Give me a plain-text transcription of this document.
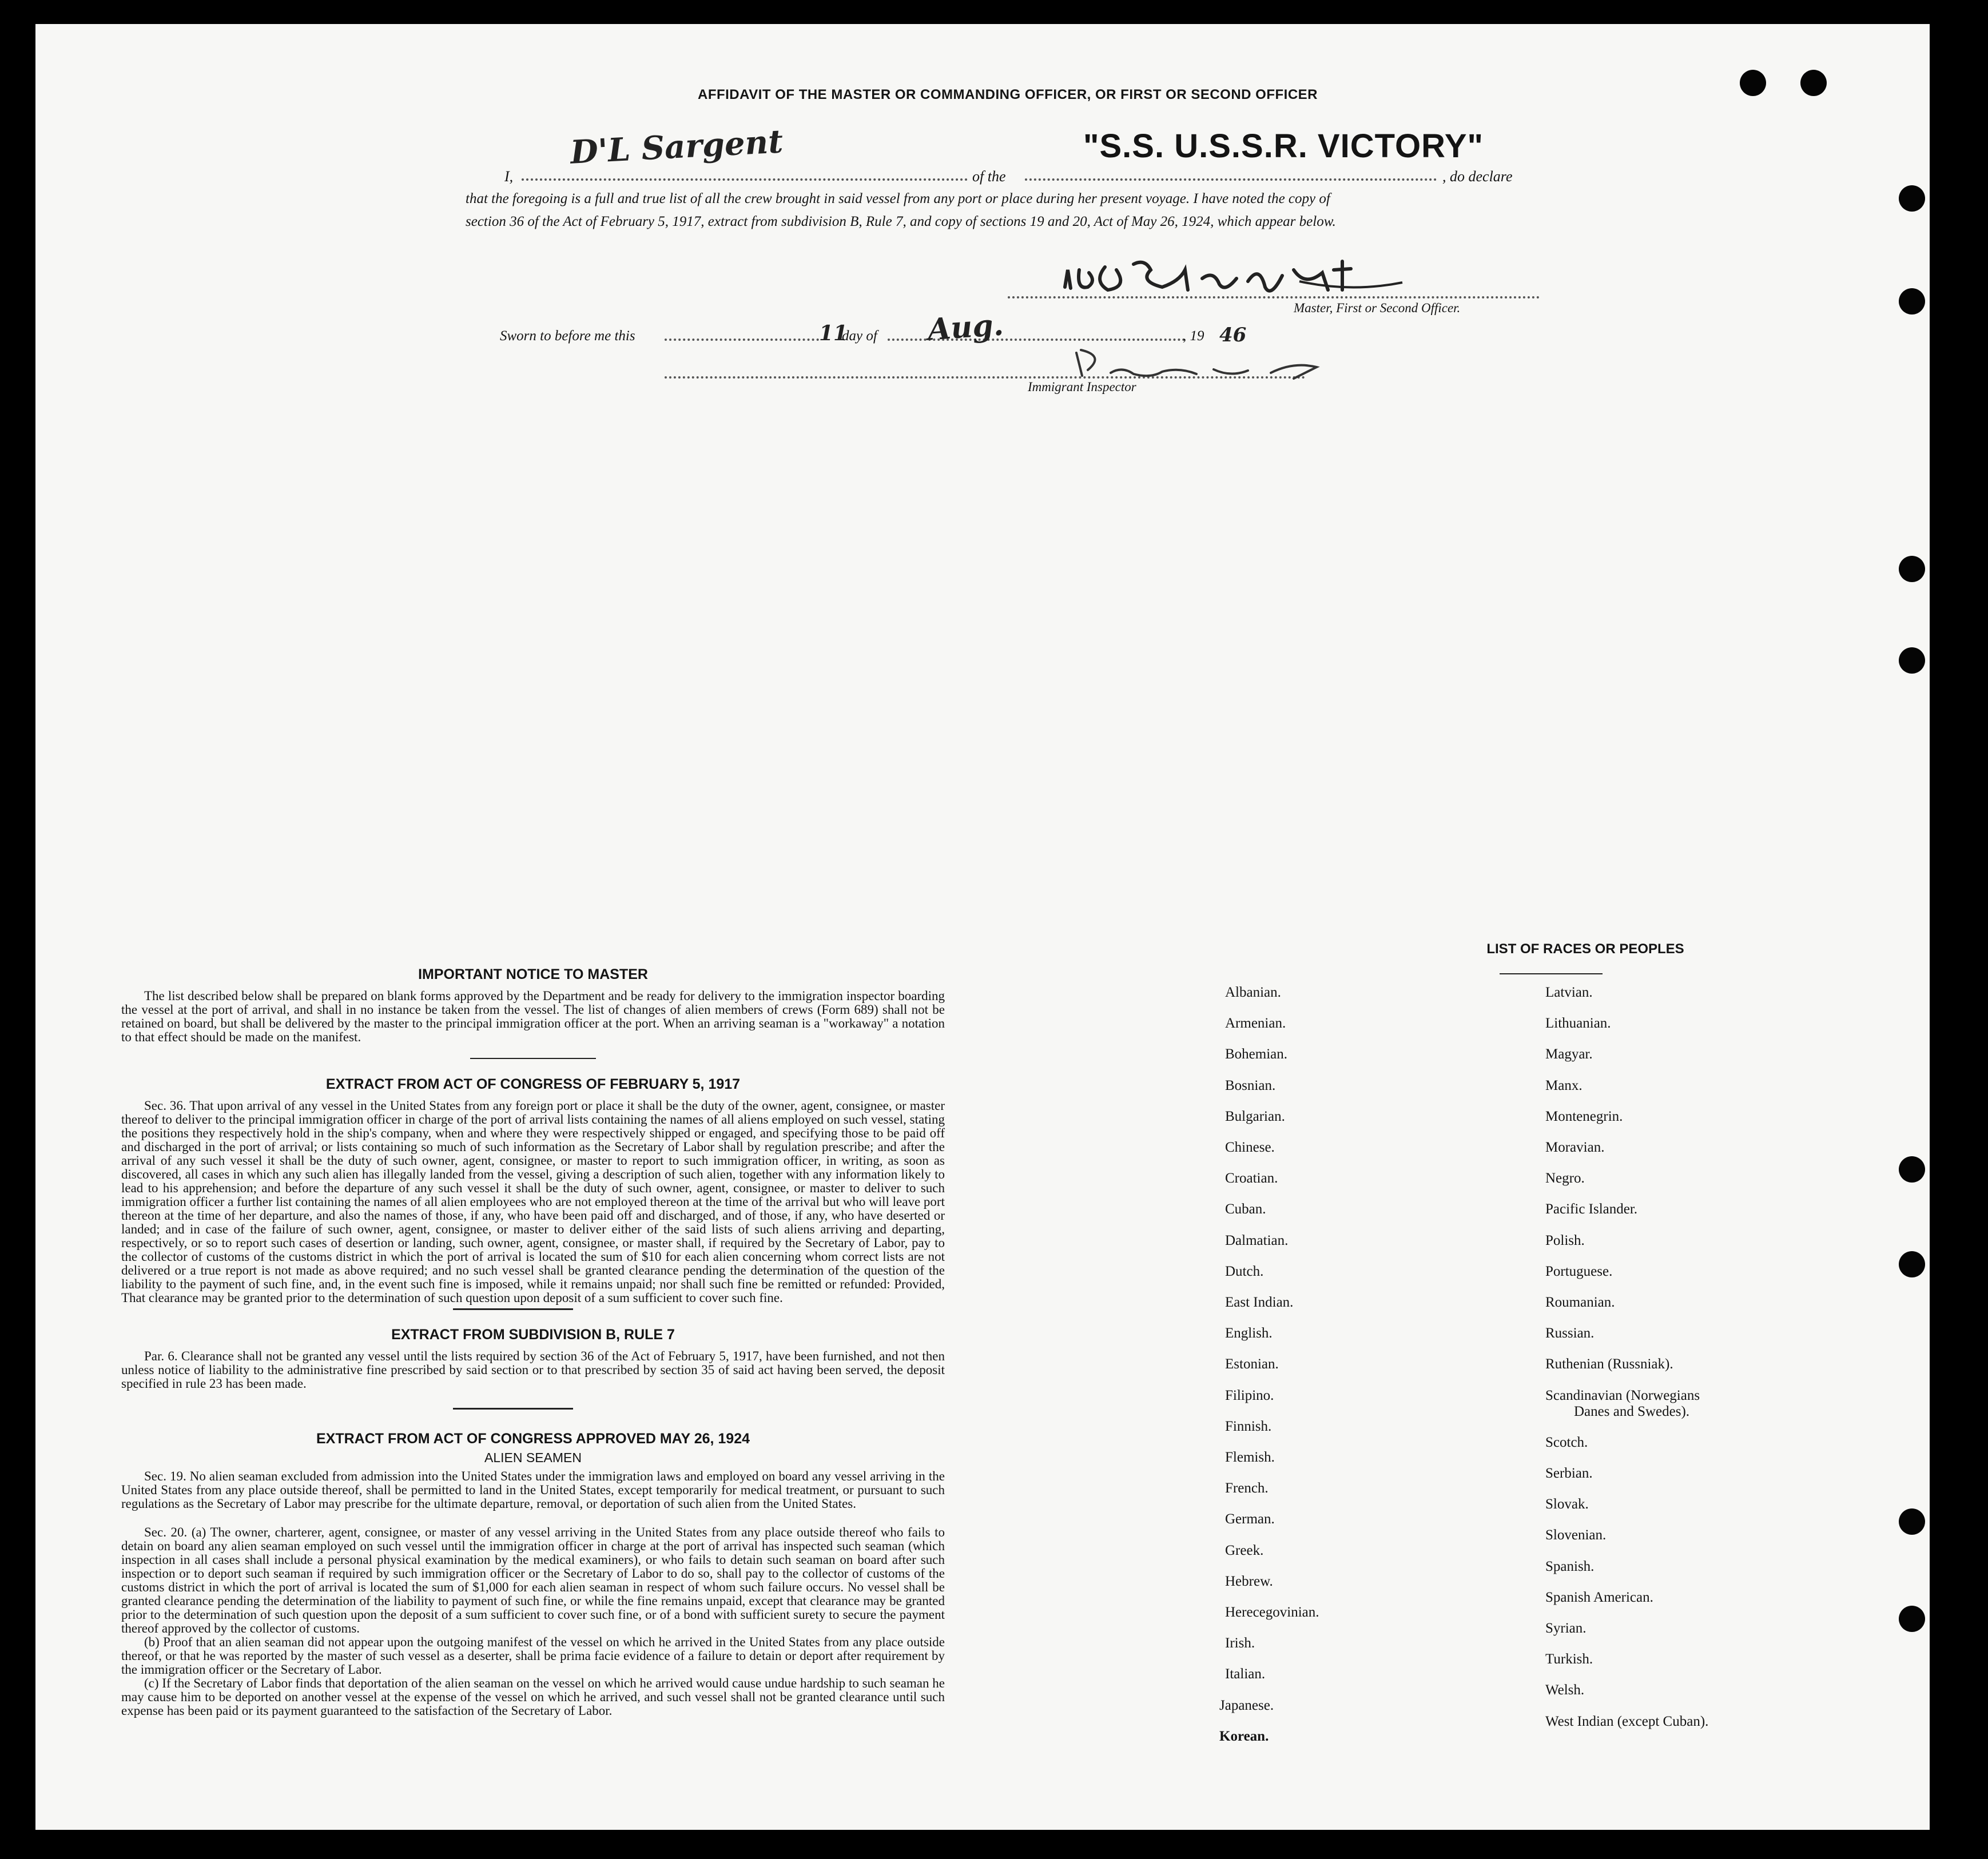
AFFIDAVIT OF THE MASTER OR COMMANDING OFFICER, OR FIRST OR SECOND OFFICER
D'L Sargent	"S.S. U.S.S.R. VICTORY"
I,	of the	, do declare
that the foregoing is a full and true list of all the crew brought in said vessel from any port or place during her present voyage. I have noted the copy of
section 36 of the Act of February 5, 1917, extract from subdivision B, Rule 7, and copy of sections 19 and 20, Act of May 26, 1924, which appear below.
Master, First or Second Officer.
Sworn to before me this	11
day of Aug.	, 19 46
Immigrant Inspector
IMPORTANT NOTICE TO MASTER
The list described below shall be prepared on blank forms approved by the Department and be ready for delivery to the immigration inspector boarding the vessel at the port of arrival, and shall in no instance be taken from the vessel. The list of changes of alien members of crews (Form 689) shall not be retained on board, but shall be delivered by the master to the principal immigration officer at the port. When an arriving seaman is a "workaway" a notation to that effect should be made on the manifest.
EXTRACT FROM ACT OF CONGRESS OF FEBRUARY 5, 1917
Sec. 36. That upon arrival of any vessel in the United States from any foreign port or place it shall be the duty of the owner, agent, consignee, or master thereof to deliver to the principal immigration officer in charge of the port of arrival lists containing the names of all aliens employed on such vessel, stating the positions they respectively hold in the ship's company, when and where they were respectively shipped or engaged, and specifying those to be paid off and discharged in the port of arrival; or lists containing so much of such information as the Secretary of Labor shall by regulation prescribe; and after the arrival of any such vessel it shall be the duty of such owner, agent, consignee, or master to report to such immigration officer, in writing, as soon as discovered, all cases in which any such alien has illegally landed from the vessel, giving a description of such alien, together with any information likely to lead to his apprehension; and before the departure of any such vessel it shall be the duty of such owner, agent, consignee, or master to deliver to such immigration officer a further list containing the names of all alien employees who are not employed thereon at the time of the arrival but who will leave port thereon at the time of her departure, and also the names of those, if any, who have been paid off and discharged, and of those, if any, who have deserted or landed; and in case of the failure of such owner, agent, consignee, or master to deliver either of the said lists of such aliens arriving and departing, respectively, or so to report such cases of desertion or landing, such owner, agent, consignee, or master shall, if required by the Secretary of Labor, pay to the collector of customs of the customs district in which the port of arrival is located the sum of $10 for each alien concerning whom correct lists are not delivered or a true report is not made as above required; and no such vessel shall be granted clearance pending the determination of the question of the liability to the payment of such fine, and, in the event such fine is imposed, while it remains unpaid; nor shall such fine be remitted or refunded: Provided, That clearance may be granted prior to the determination of such question upon deposit of a sum sufficient to cover such fine.
EXTRACT FROM SUBDIVISION B, RULE 7
Par. 6. Clearance shall not be granted any vessel until the lists required by section 36 of the Act of February 5, 1917, have been furnished, and not then unless notice of liability to the administrative fine prescribed by said section or to that prescribed by section 35 of said act having been served, the deposit specified in rule 23 has been made.
EXTRACT FROM ACT OF CONGRESS APPROVED MAY 26, 1924
ALIEN SEAMEN
Sec. 19. No alien seaman excluded from admission into the United States under the immigration laws and employed on board any vessel arriving in the United States from any place outside thereof, shall be permitted to land in the United States, except temporarily for medical treatment, or pursuant to such regulations as the Secretary of Labor may prescribe for the ultimate departure, removal, or deportation of such alien from the United States.
Sec. 20. (a) The owner, charterer, agent, consignee, or master of any vessel arriving in the United States from any place outside thereof who fails to detain on board any alien seaman employed on such vessel until the immigration officer in charge at the port of arrival has inspected such seaman (which inspection in all cases shall include a personal physical examination by the medical examiners), or who fails to detain such seaman on board after such inspection or to deport such seaman if required by such immigration officer or the Secretary of Labor to do so, shall pay to the collector of customs of the customs district in which the port of arrival is located the sum of $1,000 for each alien seaman in respect of whom such failure occurs. No vessel shall be granted clearance pending the determination of the liability to payment of such fine, or while the fine remains unpaid, except that clearance may be granted prior to the determination of such question upon the deposit of a sum sufficient to cover such fine, or of a bond with sufficient surety to secure the payment thereof approved by the collector of customs.
(b) Proof that an alien seaman did not appear upon the outgoing manifest of the vessel on which he arrived in the United States from any place outside thereof, or that he was reported by the master of such vessel as a deserter, shall be prima facie evidence of a failure to detain or deport after requirement by the immigration officer or the Secretary of Labor.
(c) If the Secretary of Labor finds that deportation of the alien seaman on the vessel on which he arrived would cause undue hardship to such seaman he may cause him to be deported on another vessel at the expense of the vessel on which he arrived, and such vessel shall not be granted clearance until such expense has been paid or its payment guaranteed to the satisfaction of the Secretary of Labor.
LIST OF RACES OR PEOPLES
Albanian.
Armenian.
Bohemian.
Bosnian.
Bulgarian.
Chinese.
Croatian.
Cuban.
Dalmatian.
Dutch.
East Indian.
English.
Estonian.
Filipino.
Finnish.
Flemish.
French.
German.
Greek.
Hebrew.
Herecegovinian.
Irish.
Italian.
Japanese.
Korean.
Latvian.
Lithuanian.
Magyar.
Manx.
Montenegrin.
Moravian.
Negro.
Pacific Islander.
Polish.
Portuguese.
Roumanian.
Russian.
Ruthenian (Russniak).
Scandinavian (Norwegians
Danes and Swedes).
Scotch.
Serbian.
Slovak.
Slovenian.
Spanish.
Spanish American.
Syrian.
Turkish.
Welsh.
West Indian (except Cuban).
